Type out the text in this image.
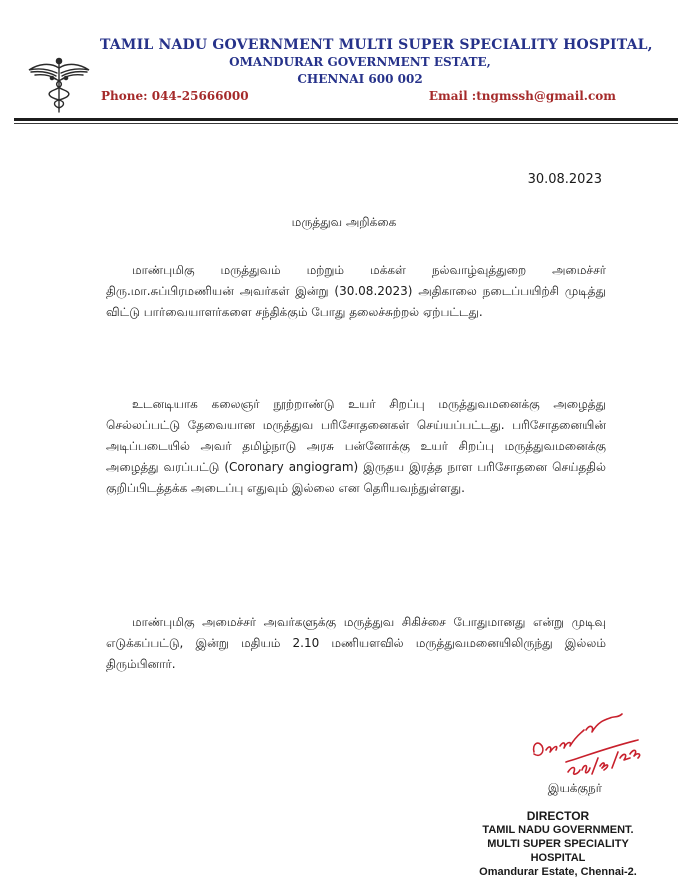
TAMIL NADU GOVERNMENT MULTI SUPER SPECIALITY HOSPITAL,
OMANDURAR GOVERNMENT ESTATE,
CHENNAI 600 002
Phone: 044-25666000	Email :tngmssh@gmail.com
30.08.2023
மருத்துவ அறிக்கை
மாண்புமிகு மருத்துவம் மற்றும் மக்கள் நல்வாழ்வுத்துறை அமைச்சர்
திரு.மா.சுப்பிரமணியன் அவர்கள் இன்று (30.08.2023) அதிகாலை நடைப்பயிற்சி முடித்து
விட்டு பார்வையாளர்களை சந்திக்கும் போது தலைச்சுற்றல் ஏற்பட்டது.
உடனடியாக கலைஞர் நூற்றாண்டு உயர் சிறப்பு மருத்துவமனைக்கு அழைத்து
செல்லப்பட்டு தேவையான மருத்துவ பரிசோதனைகள் செய்யப்பட்டது. பரிசோதனையின்
அடிப்படையில் அவர் தமிழ்நாடு அரசு பன்னோக்கு உயர் சிறப்பு மருத்துவமனைக்கு
அழைத்து வரப்பட்டு (Coronary angiogram) இருதய இரத்த நாள பரிசோதனை செய்ததில்
குறிப்பிடத்தக்க அடைப்பு எதுவும் இல்லை என தெரியவந்துள்ளது.
மாண்புமிகு அமைச்சர் அவர்களுக்கு மருத்துவ சிகிச்சை போதுமானது என்று முடிவு
எடுக்கப்பட்டு, இன்று மதியம் 2.10 மணியளவில் மருத்துவமனையிலிருந்து இல்லம்
திரும்பினார்.
இயக்குநர்
DIRECTOR
TAMIL NADU GOVERNMENT.
MULTI SUPER SPECIALITY HOSPITAL
Omandurar Estate, Chennai-2.
